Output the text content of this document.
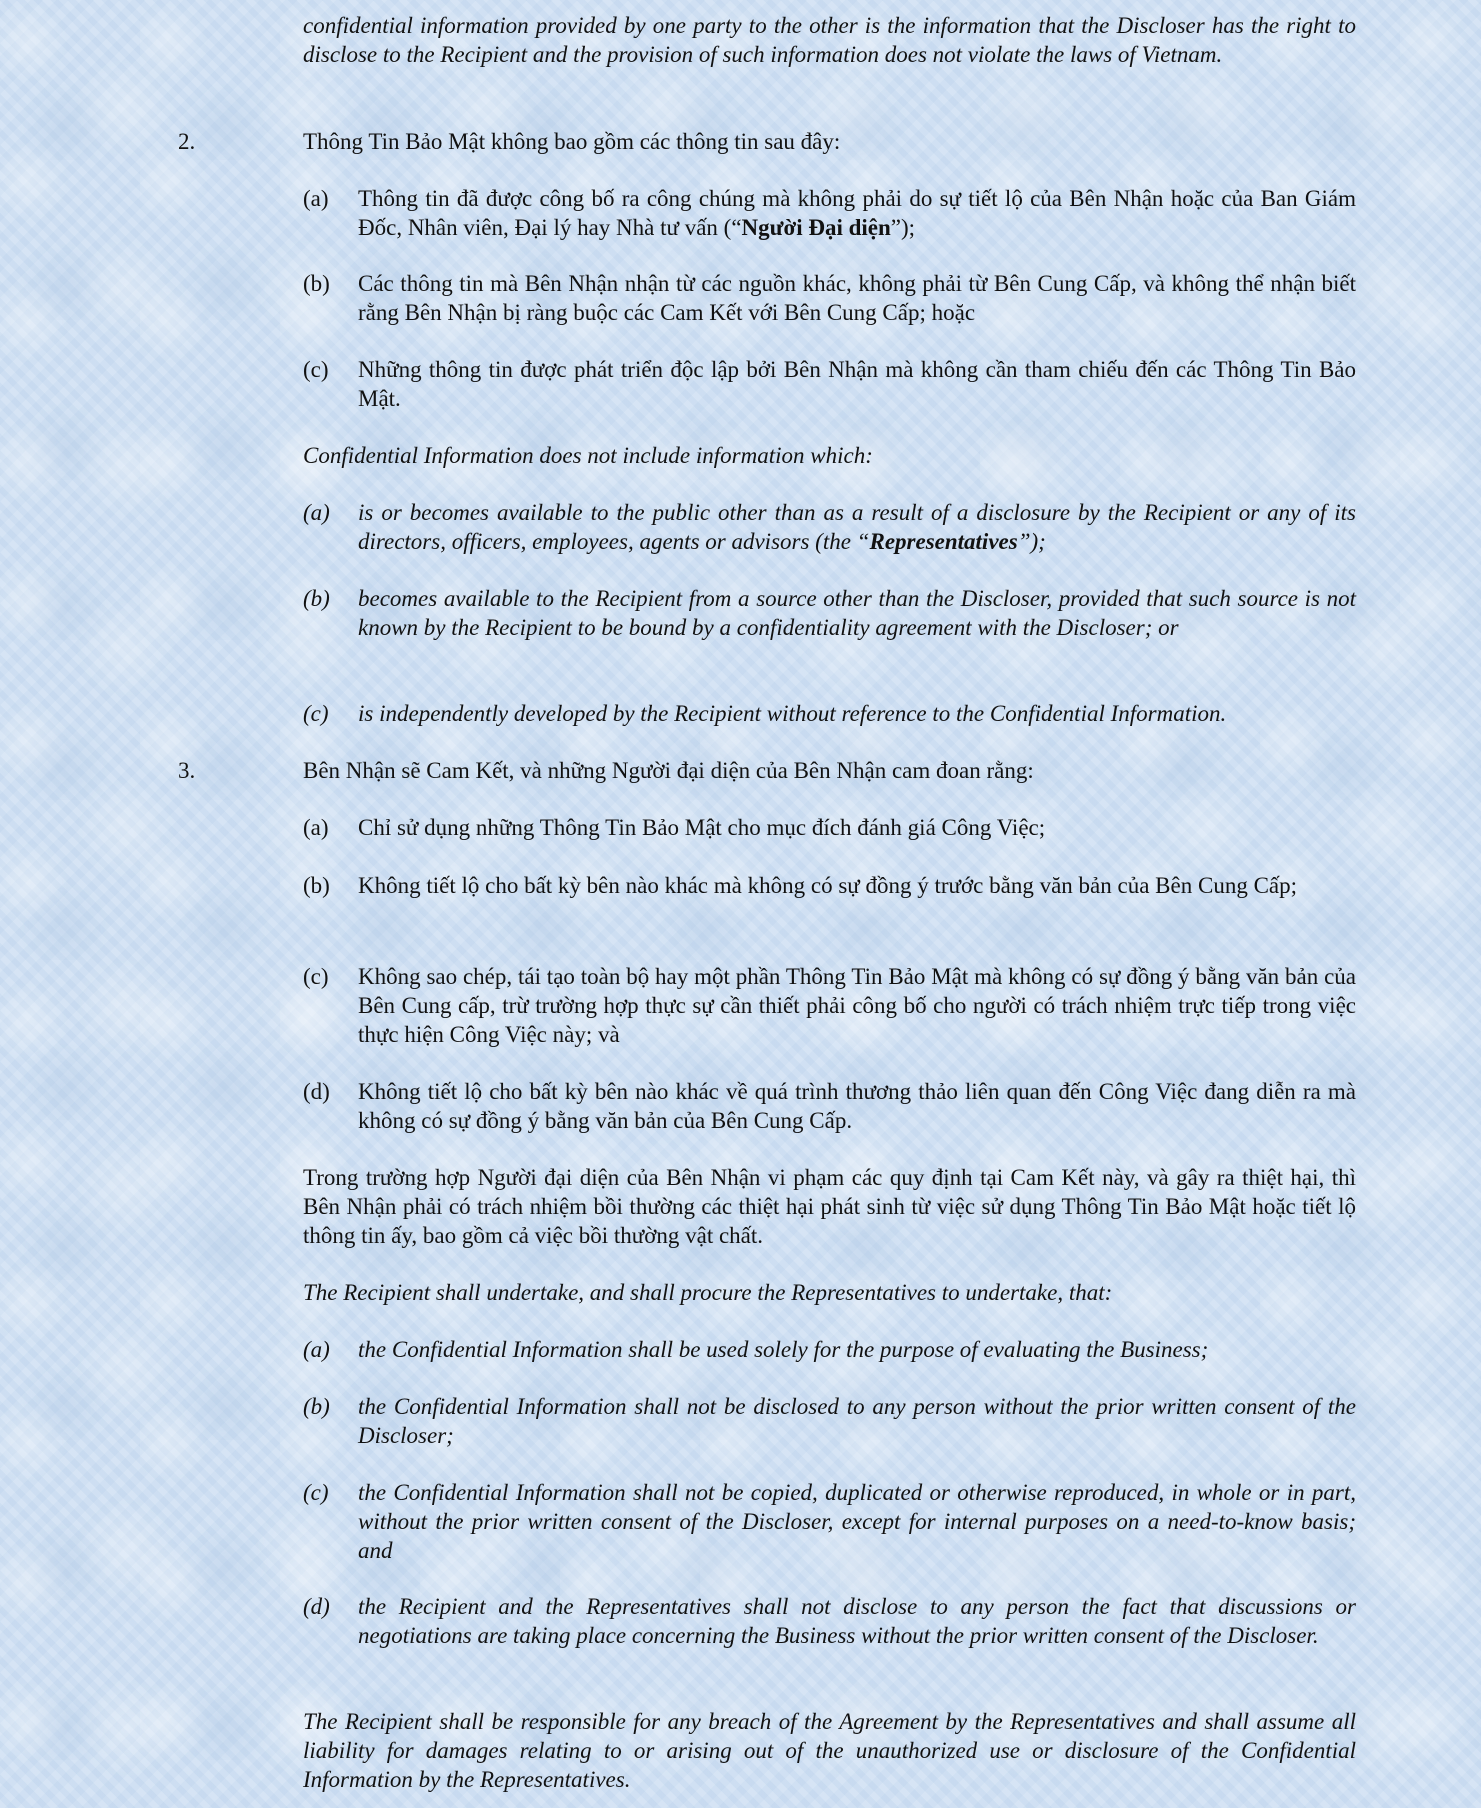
confidential information provided by one party to the other is the information that the Discloser has the right to disclose to the Recipient and the provision of such information does not violate the laws of Vietnam.

2.	Thông Tin Bảo Mật không bao gồm các thông tin sau đây:

(a)	Thông tin đã được công bố ra công chúng mà không phải do sự tiết lộ của Bên Nhận hoặc của Ban Giám Đốc, Nhân viên, Đại lý hay Nhà tư vấn (“Người Đại diện”);
(b)	Các thông tin mà Bên Nhận nhận từ các nguồn khác, không phải từ Bên Cung Cấp, và không thể nhận biết rằng Bên Nhận bị ràng buộc các Cam Kết với Bên Cung Cấp; hoặc
(c)	Những thông tin được phát triển độc lập bởi Bên Nhận mà không cần tham chiếu đến các Thông Tin Bảo Mật.

Confidential Information does not include information which:

(a)	is or becomes available to the public other than as a result of a disclosure by the Recipient or any of its directors, officers, employees, agents or advisors (the “Representatives”);
(b)	becomes available to the Recipient from a source other than the Discloser, provided that such source is not known by the Recipient to be bound by a confidentiality agreement with the Discloser; or
(c)	is independently developed by the Recipient without reference to the Confidential Information.
3.	Bên Nhận sẽ Cam Kết, và những Người đại diện của Bên Nhận cam đoan rằng:

(a)	Chỉ sử dụng những Thông Tin Bảo Mật cho mục đích đánh giá Công Việc;
(b)	Không tiết lộ cho bất kỳ bên nào khác mà không có sự đồng ý trước bằng văn bản của Bên Cung Cấp;
(c)	Không sao chép, tái tạo toàn bộ hay một phần Thông Tin Bảo Mật mà không có sự đồng ý bằng văn bản của Bên Cung cấp, trừ trường hợp thực sự cần thiết phải công bố cho người có trách nhiệm trực tiếp trong việc thực hiện Công Việc này; và
(d)	Không tiết lộ cho bất kỳ bên nào khác về quá trình thương thảo liên quan đến Công Việc đang diễn ra mà không có sự đồng ý bằng văn bản của Bên Cung Cấp.

Trong trường hợp Người đại diện của Bên Nhận vi phạm các quy định tại Cam Kết này, và gây ra thiệt hại, thì Bên Nhận phải có trách nhiệm bồi thường các thiệt hại phát sinh từ việc sử dụng Thông Tin Bảo Mật hoặc tiết lộ thông tin ấy, bao gồm cả việc bồi thường vật chất.

The Recipient shall undertake, and shall procure the Representatives to undertake, that:

(a)	the Confidential Information shall be used solely for the purpose of evaluating the Business;
(b)	the Confidential Information shall not be disclosed to any person without the prior written consent of the Discloser;
(c)	the Confidential Information shall not be copied, duplicated or otherwise reproduced, in whole or in part, without the prior written consent of the Discloser, except for internal purposes on a need-to-know basis; and
(d)	the Recipient and the Representatives shall not disclose to any person the fact that discussions or negotiations are taking place concerning the Business without the prior written consent of the Discloser.

The Recipient shall be responsible for any breach of the Agreement by the Representatives and shall assume all liability for damages relating to or arising out of the unauthorized use or disclosure of the Confidential Information by the Representatives.
